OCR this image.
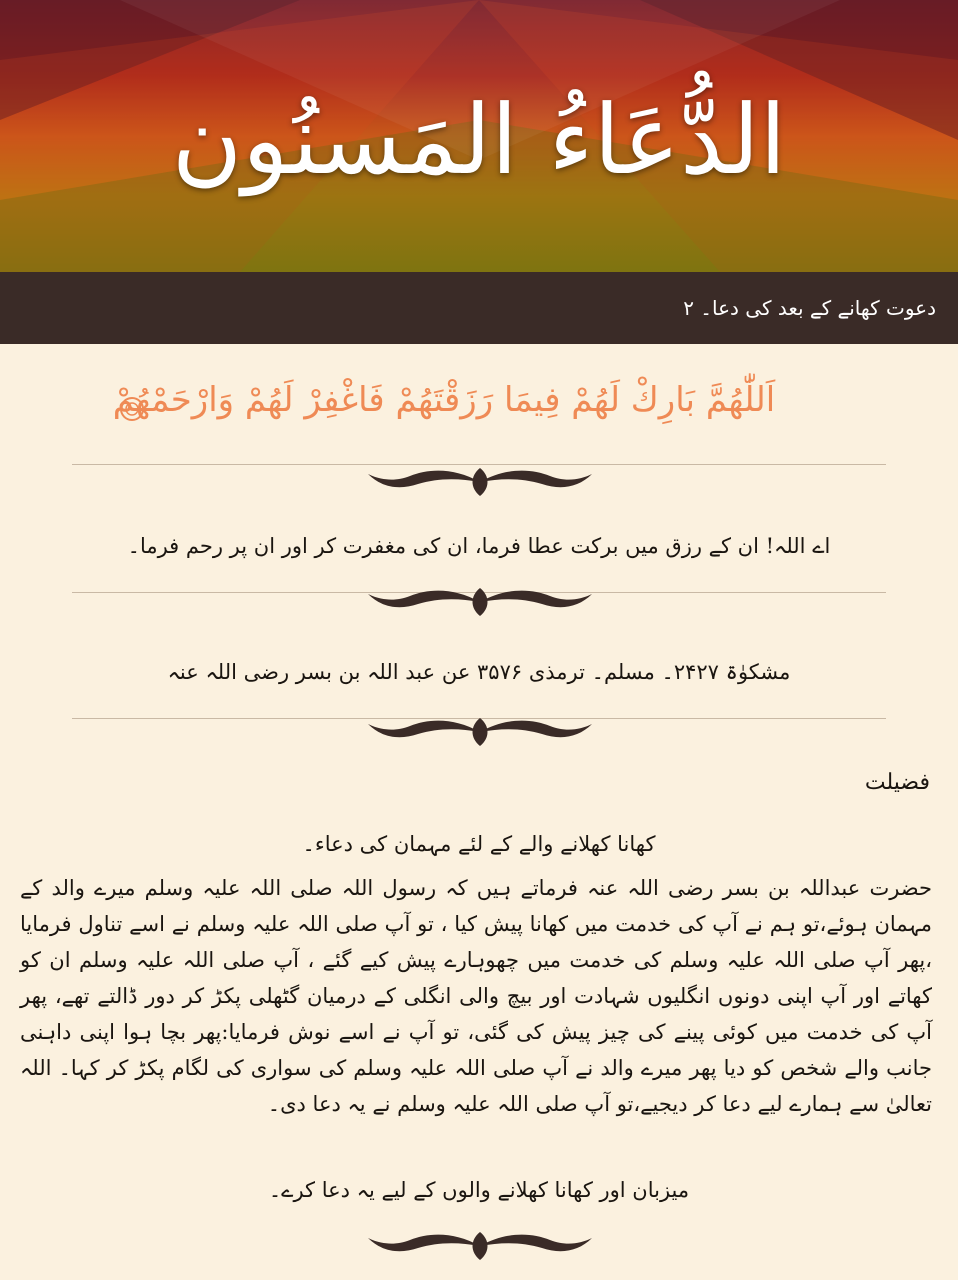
الدُّعَاءُ المَسنُون
دعوت کھانے کے بعد کی دعا۔ ۲
اَللّٰهُمَّ بَارِكْ لَهُمْ فِيمَا رَزَقْتَهُمْ فَاغْفِرْ لَهُمْ وَارْحَمْهُمْ
اے اللہ! ان کے رزق میں برکت عطا فرما، ان کی مغفرت کر اور ان پر رحم فرما۔
مشکوٰۃ ۲۴۲۷۔ مسلم۔ ترمذی ۳۵۷۶ عن عبد اللہ بن بسر رضی اللہ عنہ
فضیلت
کھانا کھلانے والے کے لئے مہمان کی دعاء۔
حضرت عبداللہ بن بسر رضی اللہ عنہ فرماتے ہیں کہ رسول اللہ صلی اللہ علیہ وسلم میرے والد کے مہمان ہوئے،تو ہم نے آپ کی خدمت میں کھانا پیش کیا ، تو آپ صلی اللہ علیہ وسلم نے اسے تناول فرمایا ،پھر آپ صلی اللہ علیہ وسلم کی خدمت میں چھوہارے پیش کیے گئے ، آپ صلی اللہ علیہ وسلم ان کو کھاتے اور آپ اپنی دونوں انگلیوں شہادت اور بیچ والی انگلی کے درمیان گٹھلی پکڑ کر دور ڈالتے تھے، پھر آپ کی خدمت میں کوئی پینے کی چیز پیش کی گئی، تو آپ نے اسے نوش فرمایا:پھر بچا ہوا اپنی داہنی جانب والے شخص کو دیا پھر میرے والد نے آپ صلی اللہ علیہ وسلم کی سواری کی لگام پکڑ کر کہا۔ اللہ تعالیٰ سے ہمارے لیے دعا کر دیجیے،تو آپ صلی اللہ علیہ وسلم نے یہ دعا دی۔
میزبان اور کھانا کھلانے والوں کے لیے یہ دعا کرے۔
